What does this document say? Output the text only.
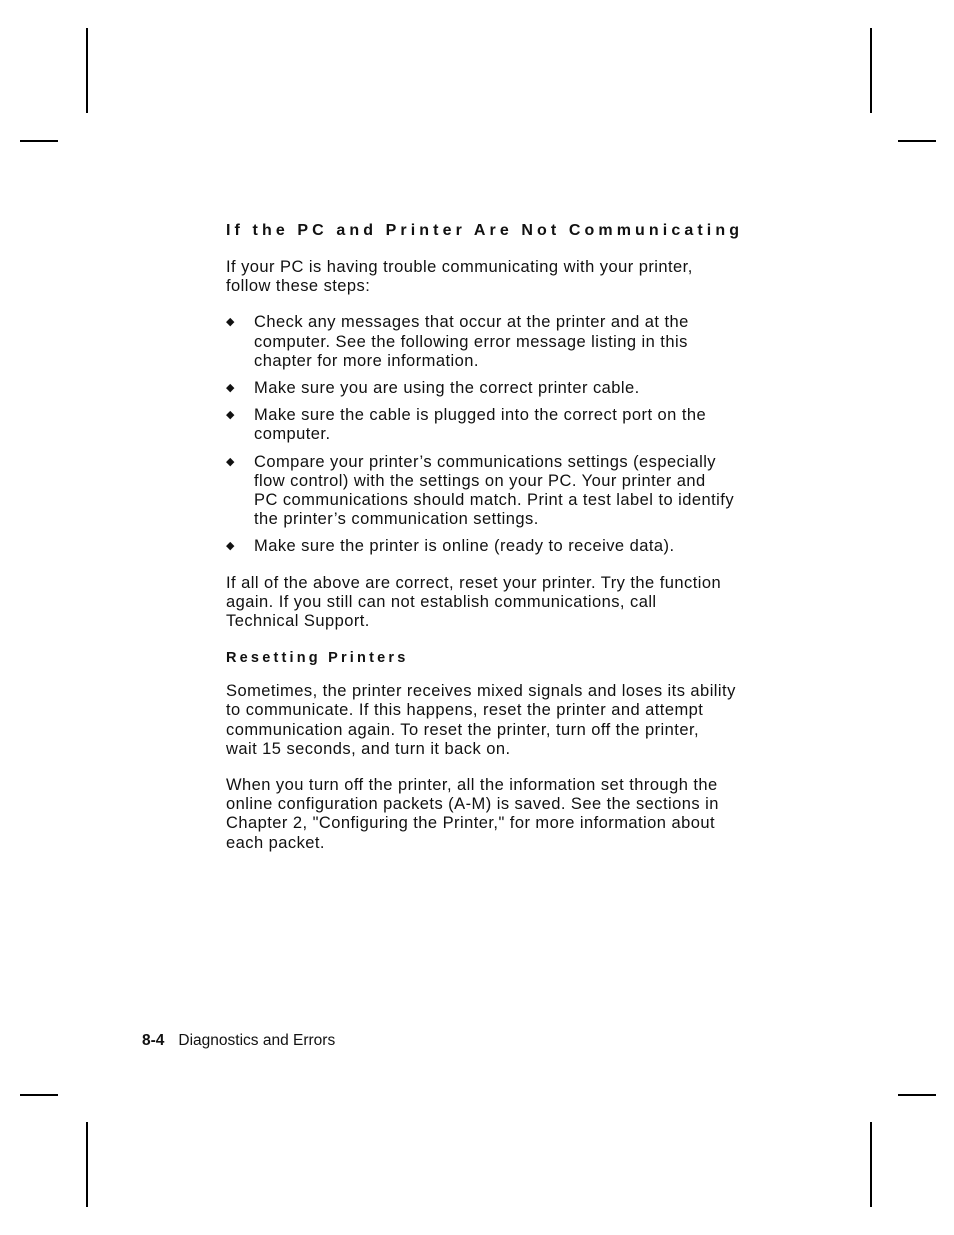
If the PC and Printer Are Not Communicating

If your PC is having trouble communicating with your printer,
follow these steps:

◆ Check any messages that occur at the printer and at the
computer. See the following error message listing in this
chapter for more information.
◆ Make sure you are using the correct printer cable.
◆ Make sure the cable is plugged into the correct port on the
computer.
◆ Compare your printer’s communications settings (especially
flow control) with the settings on your PC. Your printer and
PC communications should match. Print a test label to identify
the printer’s communication settings.
◆ Make sure the printer is online (ready to receive data).

If all of the above are correct, reset your printer. Try the function
again. If you still can not establish communications, call
Technical Support.

Resetting Printers

Sometimes, the printer receives mixed signals and loses its ability
to communicate. If this happens, reset the printer and attempt
communication again. To reset the printer, turn off the printer,
wait 15 seconds, and turn it back on.

When you turn off the printer, all the information set through the
online configuration packets (A-M) is saved. See the sections in
Chapter 2, "Configuring the Printer," for more information about
each packet.

8-4 Diagnostics and Errors
